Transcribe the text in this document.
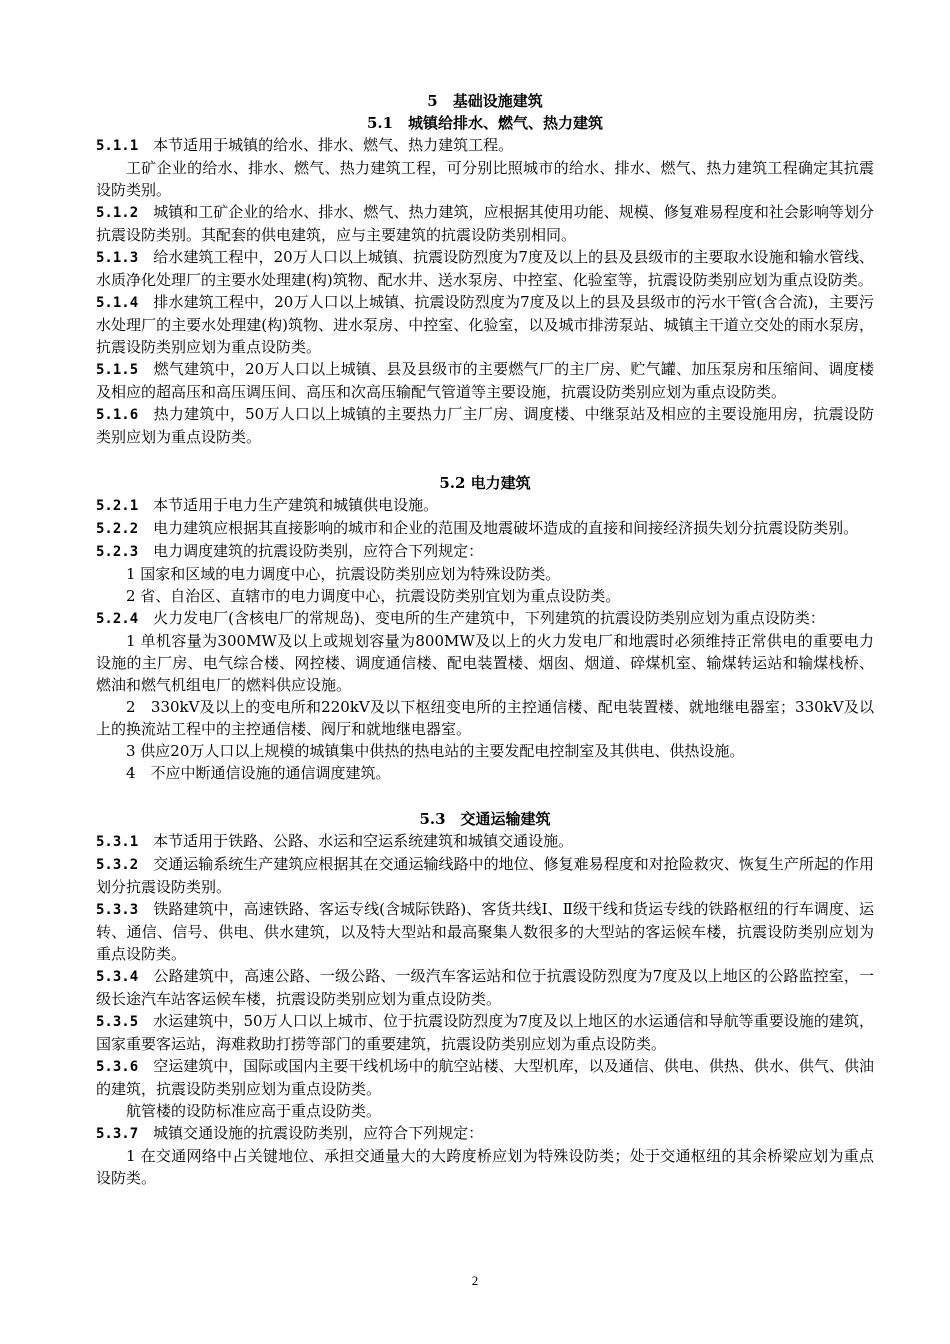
5　基础设施建筑
5.1　城镇给排水、燃气、热力建筑

5.1.1　本节适用于城镇的给水、排水、燃气、热力建筑工程。

工矿企业的给水、排水、燃气、热力建筑工程，可分别比照城市的给水、排水、燃气、热力建筑工程确定其抗震设防类别。

5.1.2　城镇和工矿企业的给水、排水、燃气、热力建筑，应根据其使用功能、规模、修复难易程度和社会影响等划分抗震设防类别。其配套的供电建筑，应与主要建筑的抗震设防类别相同。

5.1.3　给水建筑工程中，20万人口以上城镇、抗震设防烈度为7度及以上的县及县级市的主要取水设施和输水管线、水质净化处理厂的主要水处理建(构)筑物、配水井、送水泵房、中控室、化验室等，抗震设防类别应划为重点设防类。

5.1.4　排水建筑工程中，20万人口以上城镇、抗震设防烈度为7度及以上的县及县级市的污水干管(含合流)，主要污水处理厂的主要水处理建(构)筑物、进水泵房、中控室、化验室，以及城市排涝泵站、城镇主干道立交处的雨水泵房，抗震设防类别应划为重点设防类。

5.1.5　燃气建筑中，20万人口以上城镇、县及县级市的主要燃气厂的主厂房、贮气罐、加压泵房和压缩间、调度楼及相应的超高压和高压调压间、高压和次高压输配气管道等主要设施，抗震设防类别应划为重点设防类。

5.1.6　热力建筑中，50万人口以上城镇的主要热力厂主厂房、调度楼、中继泵站及相应的主要设施用房，抗震设防类别应划为重点设防类。

5.2 电力建筑

5.2.1　本节适用于电力生产建筑和城镇供电设施。

5.2.2　电力建筑应根据其直接影响的城市和企业的范围及地震破坏造成的直接和间接经济损失划分抗震设防类别。

5.2.3　电力调度建筑的抗震设防类别，应符合下列规定：

1 国家和区域的电力调度中心，抗震设防类别应划为特殊设防类。

2 省、自治区、直辖市的电力调度中心，抗震设防类别宜划为重点设防类。

5.2.4　火力发电厂(含核电厂的常规岛)、变电所的生产建筑中，下列建筑的抗震设防类别应划为重点设防类：

1 单机容量为300MW及以上或规划容量为800MW及以上的火力发电厂和地震时必须维持正常供电的重要电力设施的主厂房、电气综合楼、网控楼、调度通信楼、配电装置楼、烟囱、烟道、碎煤机室、输煤转运站和输煤栈桥、燃油和燃气机组电厂的燃料供应设施。

2　330kV及以上的变电所和220kV及以下枢纽变电所的主控通信楼、配电装置楼、就地继电器室；330kV及以上的换流站工程中的主控通信楼、阀厅和就地继电器室。

3 供应20万人口以上规模的城镇集中供热的热电站的主要发配电控制室及其供电、供热设施。

4　不应中断通信设施的通信调度建筑。

5.3　交通运输建筑

5.3.1　本节适用于铁路、公路、水运和空运系统建筑和城镇交通设施。

5.3.2　交通运输系统生产建筑应根据其在交通运输线路中的地位、修复难易程度和对抢险救灾、恢复生产所起的作用划分抗震设防类别。

5.3.3　铁路建筑中，高速铁路、客运专线(含城际铁路)、客货共线Ⅰ、Ⅱ级干线和货运专线的铁路枢纽的行车调度、运转、通信、信号、供电、供水建筑，以及特大型站和最高聚集人数很多的大型站的客运候车楼，抗震设防类别应划为重点设防类。

5.3.4　公路建筑中，高速公路、一级公路、一级汽车客运站和位于抗震设防烈度为7度及以上地区的公路监控室，一级长途汽车站客运候车楼，抗震设防类别应划为重点设防类。

5.3.5　水运建筑中，50万人口以上城市、位于抗震设防烈度为7度及以上地区的水运通信和导航等重要设施的建筑，国家重要客运站，海难救助打捞等部门的重要建筑，抗震设防类别应划为重点设防类。

5.3.6　空运建筑中，国际或国内主要干线机场中的航空站楼、大型机库，以及通信、供电、供热、供水、供气、供油的建筑，抗震设防类别应划为重点设防类。

航管楼的设防标准应高于重点设防类。

5.3.7　城镇交通设施的抗震设防类别，应符合下列规定：

1 在交通网络中占关键地位、承担交通量大的大跨度桥应划为特殊设防类；处于交通枢纽的其余桥梁应划为重点设防类。

2
